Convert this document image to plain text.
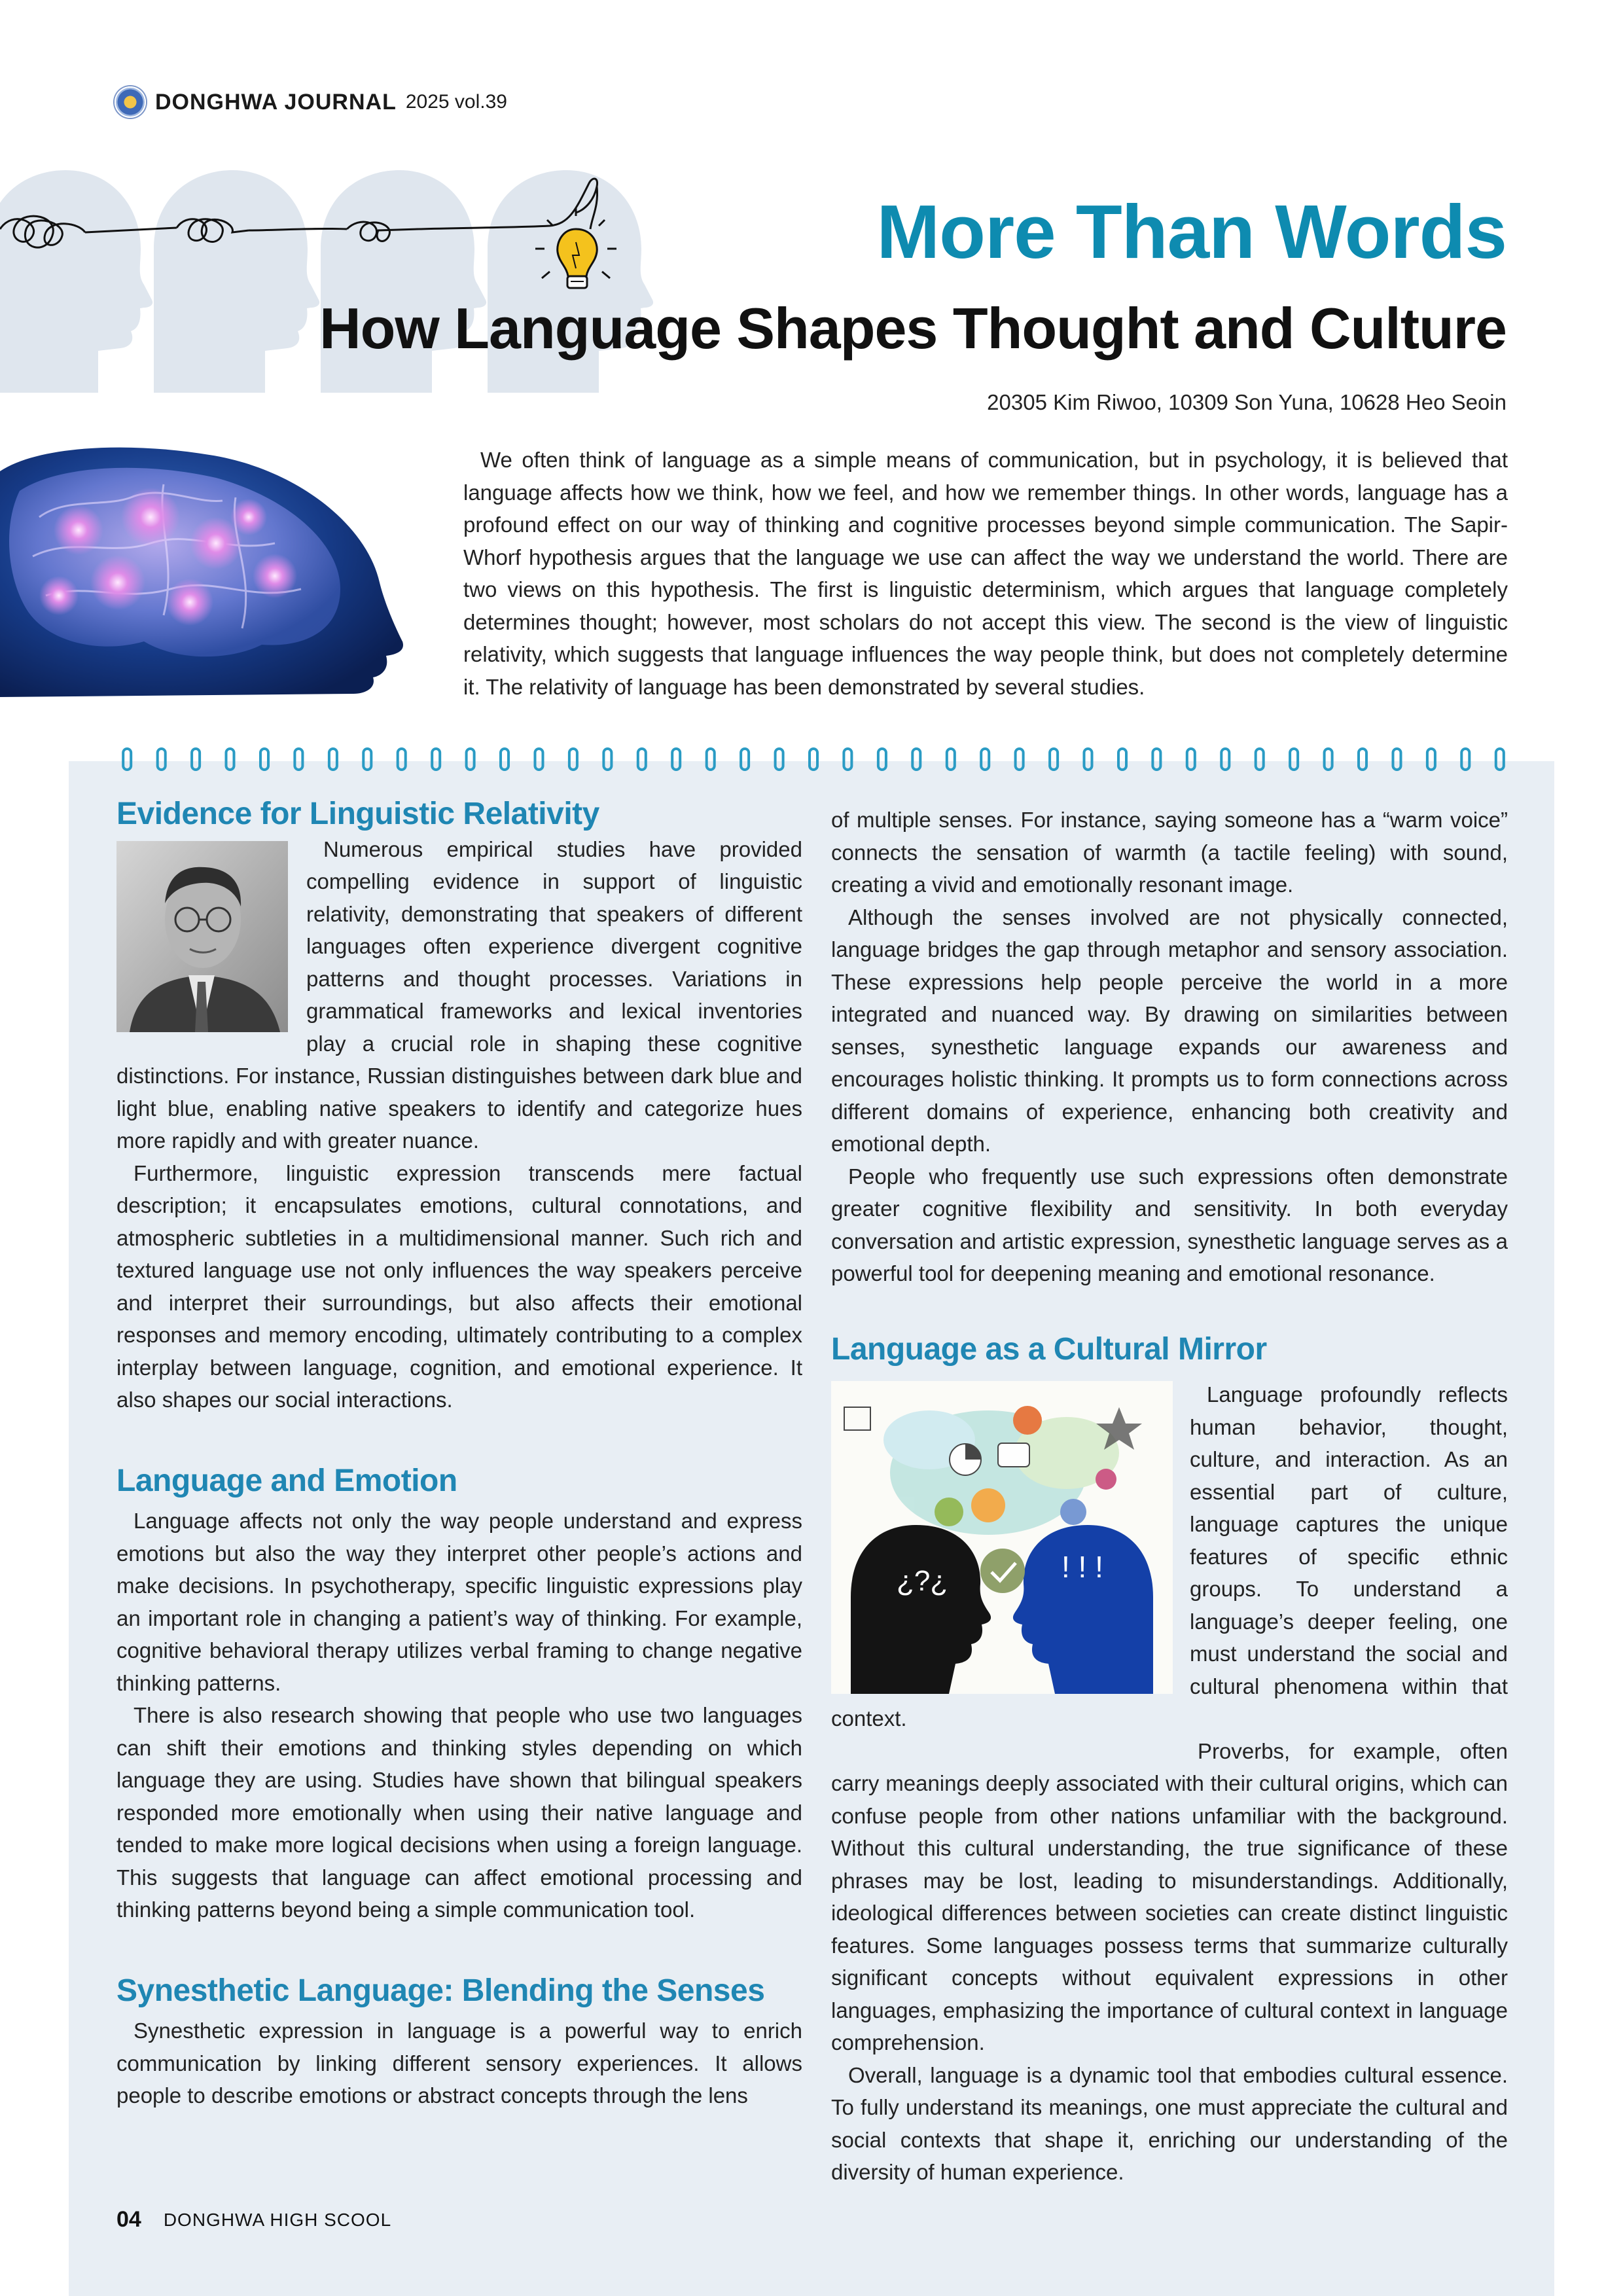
DONGHWA JOURNAL 2025 vol.39
More Than Words
How Language Shapes Thought and Culture
20305 Kim Riwoo, 10309 Son Yuna, 10628 Heo Seoin
We often think of language as a simple means of communication, but in psychology, it is believed that language affects how we think, how we feel, and how we remember things. In other words, language has a profound effect on our way of thinking and cognitive processes beyond simple communication. The Sapir-Whorf hypothesis argues that the language we use can affect the way we understand the world. There are two views on this hypothesis. The first is linguistic determinism, which argues that language completely determines thought; however, most scholars do not accept this view. The second is the view of linguistic relativity, which suggests that language influences the way people think, but does not completely determine it. The relativity of language has been demonstrated by several studies.
Evidence for Linguistic Relativity

Numerous empirical studies have provided compelling evidence in support of linguistic relativity, demonstrating that speakers of different languages often experience divergent cognitive patterns and thought processes. Variations in grammatical frameworks and lexical inventories play a crucial role in shaping these cognitive distinctions. For instance, Russian distinguishes between dark blue and light blue, enabling native speakers to identify and categorize hues more rapidly and with greater nuance.

Furthermore, linguistic expression transcends mere factual description; it encapsulates emotions, cultural connotations, and atmospheric subtleties in a multidimensional manner. Such rich and textured language use not only influences the way speakers perceive and interpret their surroundings, but also affects their emotional responses and memory encoding, ultimately contributing to a complex interplay between language, cognition, and emotional experience. It also shapes our social interactions.

Language and Emotion

Language affects not only the way people understand and express emotions but also the way they interpret other people’s actions and make decisions. In psychotherapy, specific linguistic expressions play an important role in changing a patient’s way of thinking. For example, cognitive behavioral therapy utilizes verbal framing to change negative thinking patterns.

There is also research showing that people who use two languages can shift their emotions and thinking styles depending on which language they are using. Studies have shown that bilingual speakers responded more emotionally when using their native language and tended to make more logical decisions when using a foreign language. This suggests that language can affect emotional processing and thinking patterns beyond being a simple communication tool.

Synesthetic Language: Blending the Senses

Synesthetic expression in language is a powerful way to enrich communication by linking different sensory experiences. It allows people to describe emotions or abstract concepts through the lens

of multiple senses. For instance, saying someone has a “warm voice” connects the sensation of warmth (a tactile feeling) with sound, creating a vivid and emotionally resonant image.

Although the senses involved are not physically connected, language bridges the gap through metaphor and sensory association. These expressions help people perceive the world in a more integrated and nuanced way. By drawing on similarities between senses, synesthetic language expands our awareness and encourages holistic thinking. It prompts us to form connections across different domains of experience, enhancing both creativity and emotional depth.

People who frequently use such expressions often demonstrate greater cognitive flexibility and sensitivity. In both everyday conversation and artistic expression, synesthetic language serves as a powerful tool for deepening meaning and emotional resonance.

Language as a Cultural Mirror
¿?¿	! ! !

Language profoundly reflects human behavior, thought, culture, and interaction. As an essential part of culture, language captures the unique features of specific ethnic groups. To understand a language’s deeper feeling, one must understand the social and cultural phenomena within that context.

Proverbs, for example, often carry meanings deeply associated with their cultural origins, which can confuse people from other nations unfamiliar with the background. Without this cultural understanding, the true significance of these phrases may be lost, leading to misunderstandings. Additionally, ideological differences between societies can create distinct linguistic features. Some languages possess terms that summarize culturally significant concepts without equivalent expressions in other languages, emphasizing the importance of cultural context in language comprehension.

Overall, language is a dynamic tool that embodies cultural essence. To fully understand its meanings, one must appreciate the cultural and social contexts that shape it, enriching our understanding of the diversity of human experience.

04 DONGHWA HIGH SCOOL
